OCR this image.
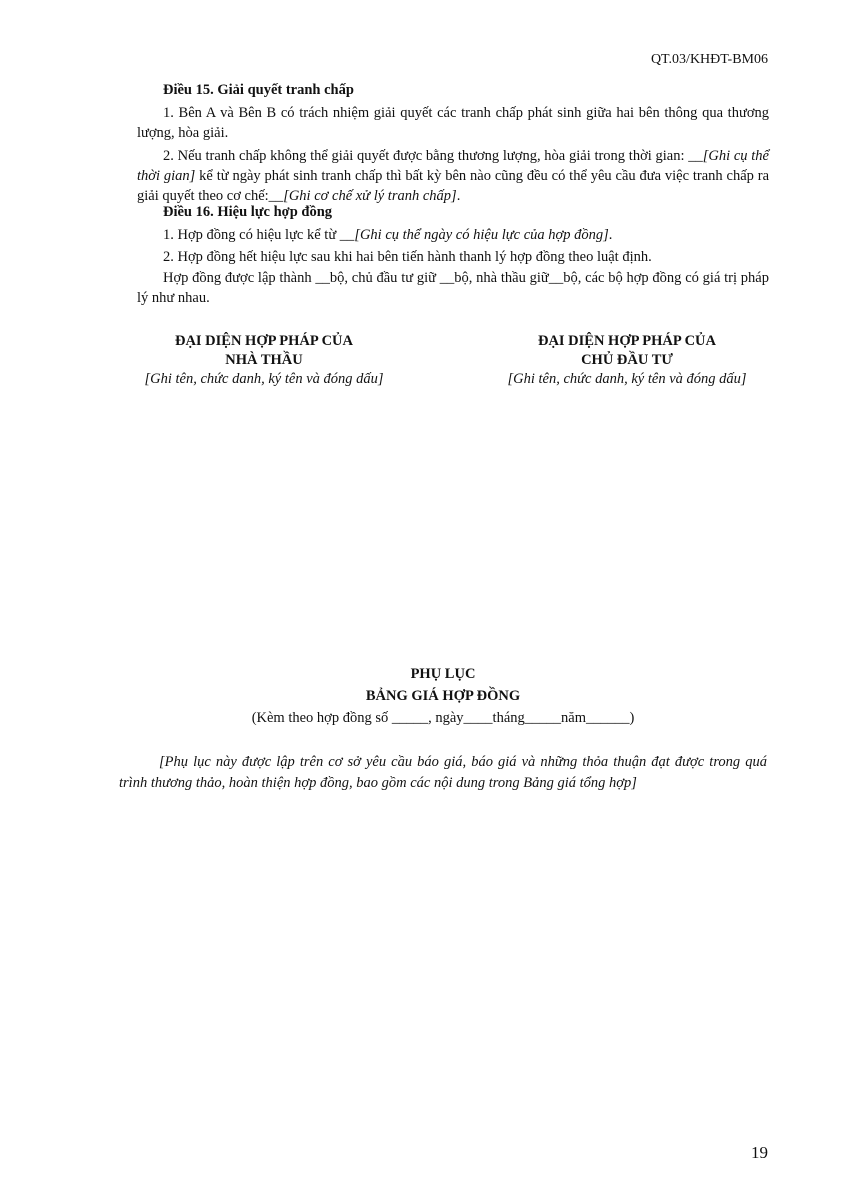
QT.03/KHĐT-BM06
Điều 15. Giải quyết tranh chấp
1. Bên A và Bên B có trách nhiệm giải quyết các tranh chấp phát sinh giữa hai bên thông qua thương lượng, hòa giải.
2. Nếu tranh chấp không thể giải quyết được bằng thương lượng, hòa giải trong thời gian: __[Ghi cụ thể thời gian] kể từ ngày phát sinh tranh chấp thì bất kỳ bên nào cũng đều có thể yêu cầu đưa việc tranh chấp ra giải quyết theo cơ chế:__[Ghi cơ chế xử lý tranh chấp].
Điều 16. Hiệu lực hợp đồng
1. Hợp đồng có hiệu lực kể từ __[Ghi cụ thể ngày có hiệu lực của hợp đồng].
2. Hợp đồng hết hiệu lực sau khi hai bên tiến hành thanh lý hợp đồng theo luật định.
Hợp đồng được lập thành __bộ, chủ đầu tư giữ __bộ, nhà thầu giữ__bộ, các bộ hợp đồng có giá trị pháp lý như nhau.
ĐẠI DIỆN HỢP PHÁP CỦA
NHÀ THẦU
[Ghi tên, chức danh, ký tên và đóng dấu]
ĐẠI DIỆN HỢP PHÁP CỦA
CHỦ ĐẦU TƯ
[Ghi tên, chức danh, ký tên và đóng dấu]
PHỤ LỤC
BẢNG GIÁ HỢP ĐỒNG
(Kèm theo hợp đồng số _____, ngày____tháng_____năm______)
[Phụ lục này được lập trên cơ sở yêu cầu báo giá, báo giá và những thỏa thuận đạt được trong quá trình thương thảo, hoàn thiện hợp đồng, bao gồm các nội dung trong Bảng giá tổng hợp]
19
